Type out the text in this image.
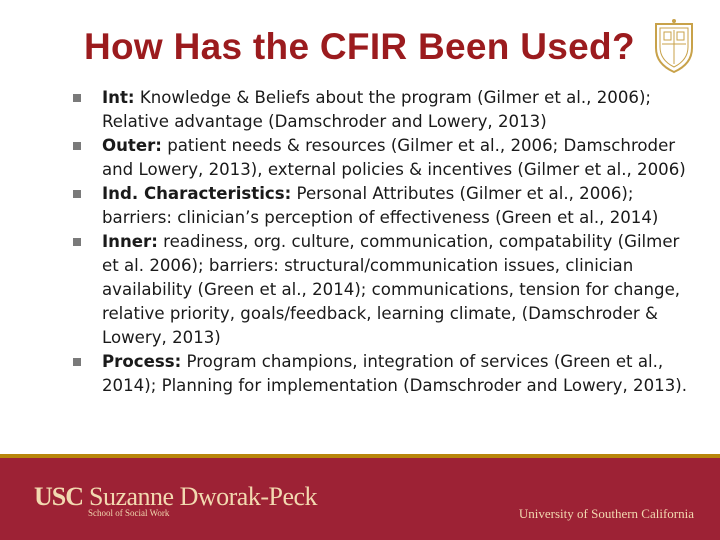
How Has the CFIR Been Used?
Int: Knowledge & Beliefs about the program (Gilmer et al., 2006); Relative advantage (Damschroder and Lowery, 2013)
Outer: patient needs & resources (Gilmer et al., 2006; Damschroder and Lowery, 2013), external policies & incentives (Gilmer et al., 2006)
Ind. Characteristics: Personal Attributes (Gilmer et al., 2006); barriers: clinician’s perception of effectiveness (Green et al., 2014)
Inner: readiness, org. culture, communication, compatability (Gilmer et al. 2006); barriers: structural/communication issues, clinician availability (Green et al., 2014); communications, tension for change, relative priority, goals/feedback, learning climate, (Damschroder & Lowery, 2013)
Process: Program champions, integration of services (Green et al., 2014); Planning for implementation (Damschroder and Lowery, 2013).
USC Suzanne Dworak-Peck
School of Social Work	University of Southern California
